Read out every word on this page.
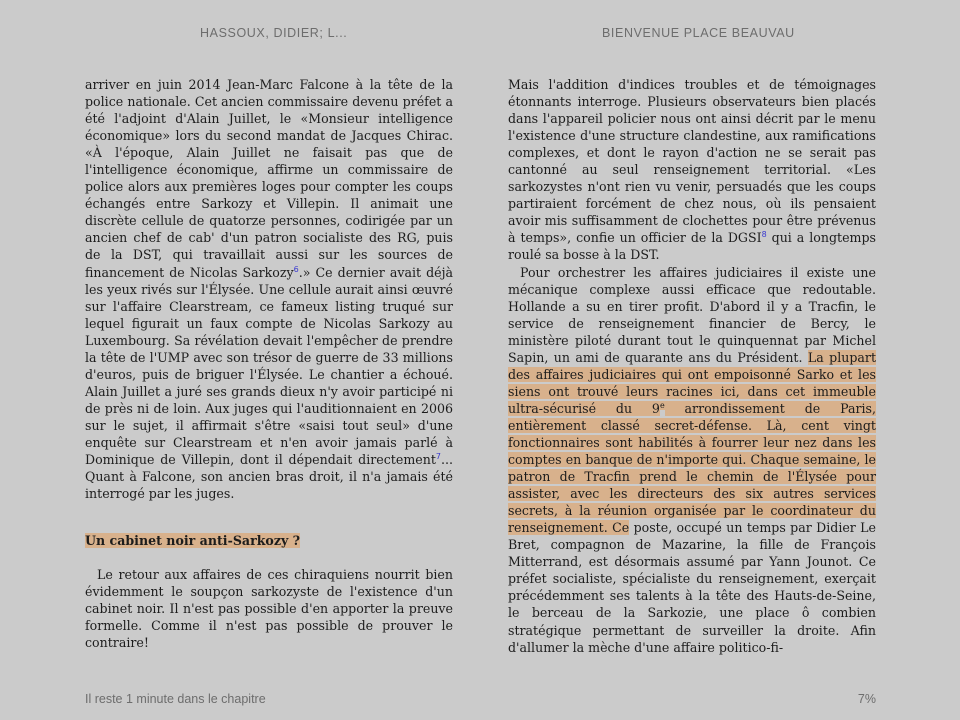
HASSOUX, DIDIER; L...	BIENVENUE PLACE BEAUVAU

arriver en juin 2014 Jean-Marc Falcone à la tête de la police nationale. Cet ancien commissaire devenu préfet a été l'adjoint d'Alain Juillet, le «Monsieur intelligence économique» lors du second mandat de Jacques Chirac. «À l'époque, Alain Juillet ne faisait pas que de l'intelligence économique, affirme un commissaire de police alors aux premières loges pour compter les coups échangés entre Sarkozy et Villepin. Il animait une discrète cellule de quatorze personnes, codirigée par un ancien chef de cab' d'un patron socialiste des RG, puis de la DST, qui travaillait aussi sur les sources de financement de Nicolas Sarkozy$^6$.» Ce dernier avait déjà les yeux rivés sur l'Élysée. Une cellule aurait ainsi œuvré sur l'affaire Clearstream, ce fameux listing truqué sur lequel figurait un faux compte de Nicolas Sarkozy au Luxembourg. Sa révélation devait l'empêcher de prendre la tête de l'UMP avec son trésor de guerre de 33 millions d'euros, puis de briguer l'Élysée. Le chantier a échoué. Alain Juillet a juré ses grands dieux n'y avoir participé ni de près ni de loin. Aux juges qui l'auditionnaient en 2006 sur le sujet, il affirmait s'être «saisi tout seul» d'une enquête sur Clearstream et n'en avoir jamais parlé à Dominique de Villepin, dont il dépendait directement$^7$... Quant à Falcone, son ancien bras droit, il n'a jamais été interrogé par les juges.

Un cabinet noir anti-Sarkozy ?

Le retour aux affaires de ces chiraquiens nourrit bien évidemment le soupçon sarkozyste de l'existence d'un cabinet noir. Il n'est pas possible d'en apporter la preuve formelle. Comme il n'est pas possible de prouver le contraire!

Mais l'addition d'indices troubles et de témoignages étonnants interroge. Plusieurs observateurs bien placés dans l'appareil policier nous ont ainsi décrit par le menu l'existence d'une structure clandestine, aux ramifications complexes, et dont le rayon d'action ne se serait pas cantonné au seul renseignement territorial. «Les sarkozystes n'ont rien vu venir, persuadés que les coups partiraient forcément de chez nous, où ils pensaient avoir mis suffisamment de clochettes pour être prévenus à temps», confie un officier de la DGSI$^8$ qui a longtemps roulé sa bosse à la DST.

Pour orchestrer les affaires judiciaires il existe une mécanique complexe aussi efficace que redoutable. Hollande a su en tirer profit. D'abord il y a Tracfin, le service de renseignement financier de Bercy, le ministère piloté durant tout le quinquennat par Michel Sapin, un ami de quarante ans du Président. La plupart des affaires judiciaires qui ont empoisonné Sarko et les siens ont trouvé leurs racines ici, dans cet immeuble ultra-sécurisé du 9e arrondissement de Paris, entièrement classé secret-défense. Là, cent vingt fonctionnaires sont habilités à fourrer leur nez dans les comptes en banque de n'importe qui. Chaque semaine, le patron de Tracfin prend le chemin de l'Élysée pour assister, avec les directeurs des six autres services secrets, à la réunion organisée par le coordinateur du renseignement. Ce poste, occupé un temps par Didier Le Bret, compagnon de Mazarine, la fille de François Mitterrand, est désormais assumé par Yann Jounot. Ce préfet socialiste, spécialiste du renseignement, exerçait précédemment ses talents à la tête des Hauts-de-Seine, le berceau de la Sarkozie, une place ô combien stratégique permettant de surveiller la droite. Afin d'allumer la mèche d'une affaire politico-fi-

Il reste 1 minute dans le chapitre	7%
